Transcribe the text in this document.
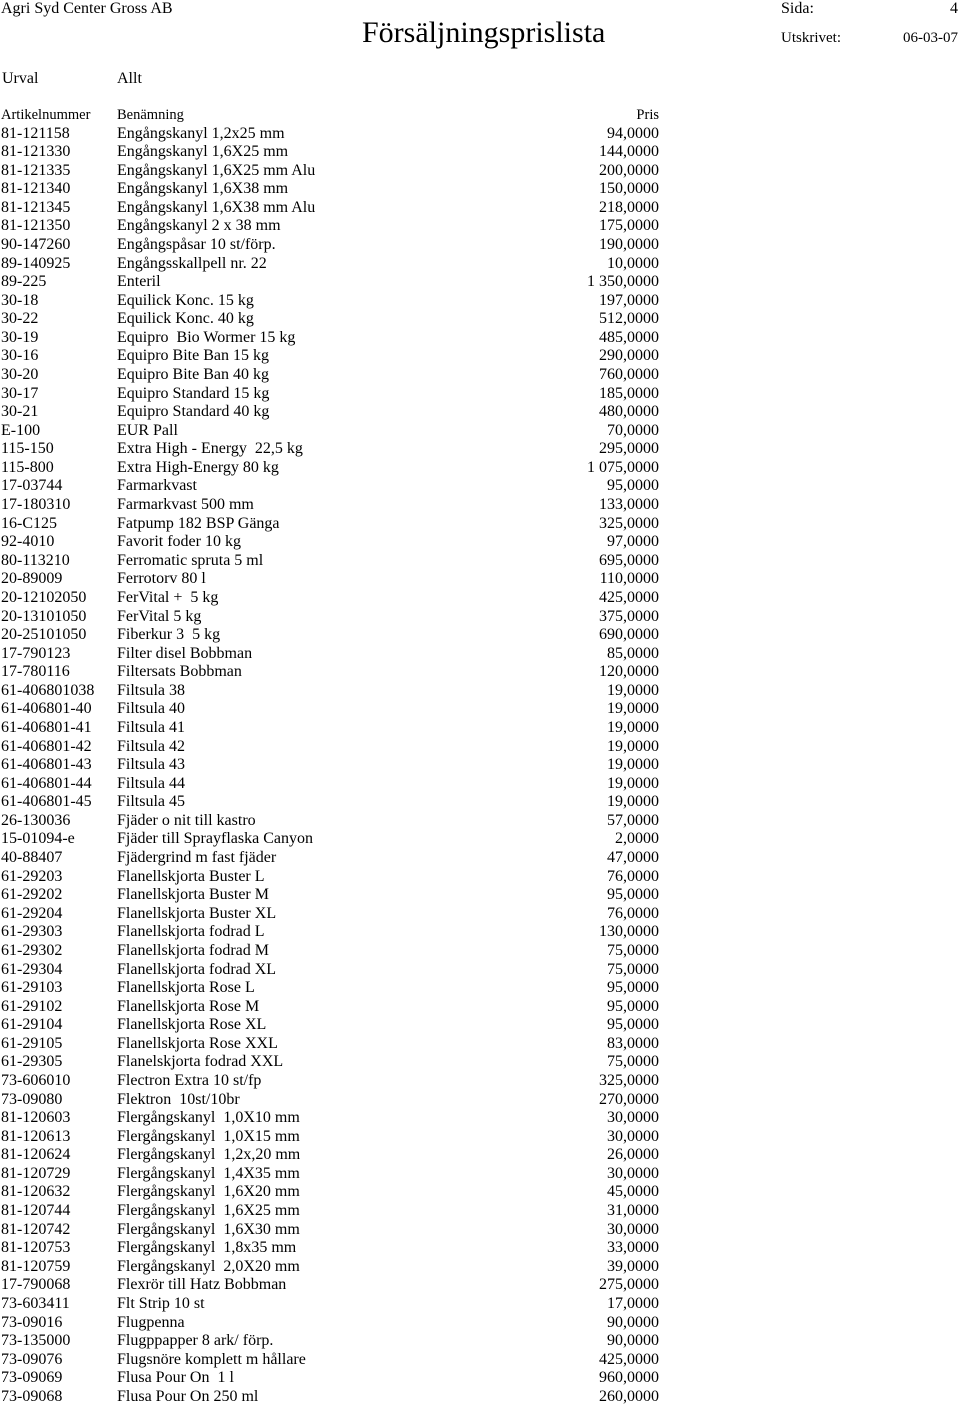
Agri Syd Center Gross AB	Sida:	4
Försäljningsprislista	Utskrivet:	06-03-07
Urval	Allt
Artikelnummer Benämning	Pris
81-121158	Engångskanyl 1,2x25 mm	94,0000
81-121330	Engångskanyl 1,6X25 mm	144,0000
81-121335	Engångskanyl 1,6X25 mm Alu	200,0000
81-121340	Engångskanyl 1,6X38 mm	150,0000
81-121345	Engångskanyl 1,6X38 mm Alu	218,0000
81-121350	Engångskanyl 2 x 38 mm	175,0000
90-147260	Engångspåsar 10 st/förp.	190,0000
89-140925	Engångsskallpell nr. 22	10,0000
89-225	Enteril	1 350,0000
30-18	Equilick Konc. 15 kg	197,0000
30-22	Equilick Konc. 40 kg	512,0000
30-19	Equipro  Bio Wormer 15 kg	485,0000
30-16	Equipro Bite Ban 15 kg	290,0000
30-20	Equipro Bite Ban 40 kg	760,0000
30-17	Equipro Standard 15 kg	185,0000
30-21	Equipro Standard 40 kg	480,0000
E-100	EUR Pall	70,0000
115-150	Extra High - Energy  22,5 kg	295,0000
115-800	Extra High-Energy 80 kg	1 075,0000
17-03744	Farmarkvast	95,0000
17-180310	Farmarkvast 500 mm	133,0000
16-C125	Fatpump 182 BSP Gänga	325,0000
92-4010	Favorit foder 10 kg	97,0000
80-113210	Ferromatic spruta 5 ml	695,0000
20-89009	Ferrotorv 80 l	110,0000
20-12102050 FerVital +  5 kg	425,0000
20-13101050 FerVital 5 kg	375,0000
20-25101050 Fiberkur 3  5 kg	690,0000
17-790123	Filter disel Bobbman	85,0000
17-780116	Filtersats Bobbman	120,0000
61-406801038 Filtsula 38	19,0000
61-406801-40 Filtsula 40	19,0000
61-406801-41 Filtsula 41	19,0000
61-406801-42 Filtsula 42	19,0000
61-406801-43 Filtsula 43	19,0000
61-406801-44 Filtsula 44	19,0000
61-406801-45 Filtsula 45	19,0000
26-130036	Fjäder o nit till kastro	57,0000
15-01094-e	Fjäder till Sprayflaska Canyon	2,0000
40-88407	Fjädergrind m fast fjäder	47,0000
61-29203	Flanellskjorta Buster L	76,0000
61-29202	Flanellskjorta Buster M	95,0000
61-29204	Flanellskjorta Buster XL	76,0000
61-29303	Flanellskjorta fodrad L	130,0000
61-29302	Flanellskjorta fodrad M	75,0000
61-29304	Flanellskjorta fodrad XL	75,0000
61-29103	Flanellskjorta Rose L	95,0000
61-29102	Flanellskjorta Rose M	95,0000
61-29104	Flanellskjorta Rose XL	95,0000
61-29105	Flanellskjorta Rose XXL	83,0000
61-29305	Flanelskjorta fodrad XXL	75,0000
73-606010	Flectron Extra 10 st/fp	325,0000
73-09080	Flektron  10st/10br	270,0000
81-120603	Flergångskanyl  1,0X10 mm	30,0000
81-120613	Flergångskanyl  1,0X15 mm	30,0000
81-120624	Flergångskanyl  1,2x,20 mm	26,0000
81-120729	Flergångskanyl  1,4X35 mm	30,0000
81-120632	Flergångskanyl  1,6X20 mm	45,0000
81-120744	Flergångskanyl  1,6X25 mm	31,0000
81-120742	Flergångskanyl  1,6X30 mm	30,0000
81-120753	Flergångskanyl  1,8x35 mm	33,0000
81-120759	Flergångskanyl  2,0X20 mm	39,0000
17-790068	Flexrör till Hatz Bobbman	275,0000
73-603411	Flt Strip 10 st	17,0000
73-09016	Flugpenna	90,0000
73-135000	Flugppapper 8 ark/ förp.	90,0000
73-09076	Flugsnöre komplett m hållare	425,0000
73-09069	Flusa Pour On  1 l	960,0000
73-09068	Flusa Pour On 250 ml	260,0000
